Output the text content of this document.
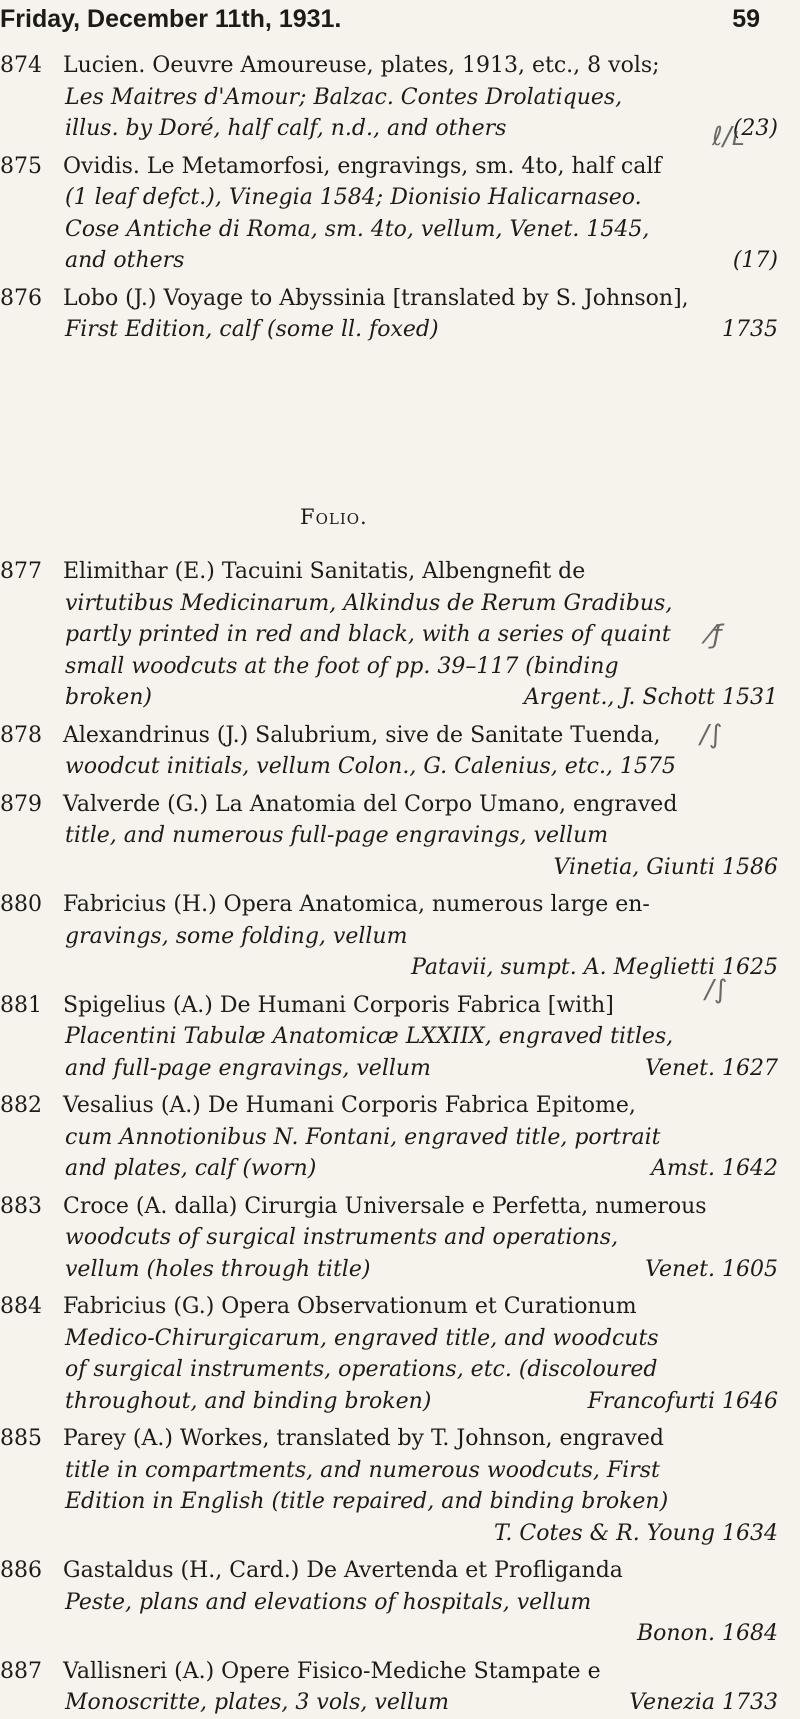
Friday, December 11th, 1931.	59
874 Lucien. Oeuvre Amoureuse, plates, 1913, etc., 8 vols;
Les Maitres d'Amour; Balzac. Contes Drolatiques,
illus. by Doré, half calf, n.d., and others	(23)
875 Ovidis. Le Metamorfosi, engravings, sm. 4to, half calf
(1 leaf defct.), Vinegia 1584; Dionisio Halicarnaseo.
Cose Antiche di Roma, sm. 4to, vellum, Venet. 1545,
and others	(17)
876 Lobo (J.) Voyage to Abyssinia [translated by S. Johnson],
First Edition, calf (some ll. foxed)	1735
877 Elimithar (E.) Tacuini Sanitatis, Albengnefit de
virtutibus Medicinarum, Alkindus de Rerum Gradibus,
partly printed in red and black, with a series of quaint
small woodcuts at the foot of pp. 39–117 (binding
broken)	Argent., J. Schott 1531
878 Alexandrinus (J.) Salubrium, sive de Sanitate Tuenda,
woodcut initials, vellum Colon., G. Calenius, etc., 1575
879 Valverde (G.) La Anatomia del Corpo Umano, engraved
title, and numerous full-page engravings, vellum
Vinetia, Giunti 1586
880 Fabricius (H.) Opera Anatomica, numerous large en-
gravings, some folding, vellum
Patavii, sumpt. A. Meglietti 1625
881 Spigelius (A.) De Humani Corporis Fabrica [with]
Placentini Tabulæ Anatomicæ LXXIIX, engraved titles,
and full-page engravings, vellum	Venet. 1627
882 Vesalius (A.) De Humani Corporis Fabrica Epitome,
cum Annotionibus N. Fontani, engraved title, portrait
and plates, calf (worn)	Amst. 1642
883 Croce (A. dalla) Cirurgia Universale e Perfetta, numerous
woodcuts of surgical instruments and operations,
vellum (holes through title)	Venet. 1605
884 Fabricius (G.) Opera Observationum et Curationum
Medico-Chirurgicarum, engraved title, and woodcuts
of surgical instruments, operations, etc. (discoloured
throughout, and binding broken)	Francofurti 1646
885 Parey (A.) Workes, translated by T. Johnson, engraved
title in compartments, and numerous woodcuts, First
Edition in English (title repaired, and binding broken)
T. Cotes & R. Young 1634
886 Gastaldus (H., Card.) De Avertenda et Profliganda
Peste, plans and elevations of hospitals, vellum
Bonon. 1684
887 Vallisneri (A.) Opere Fisico-Mediche Stampate e
Monoscritte, plates, 3 vols, vellum	Venezia 1733
Folio.
ℓ/ʟ
⁄ƒ
/∫
/∫
